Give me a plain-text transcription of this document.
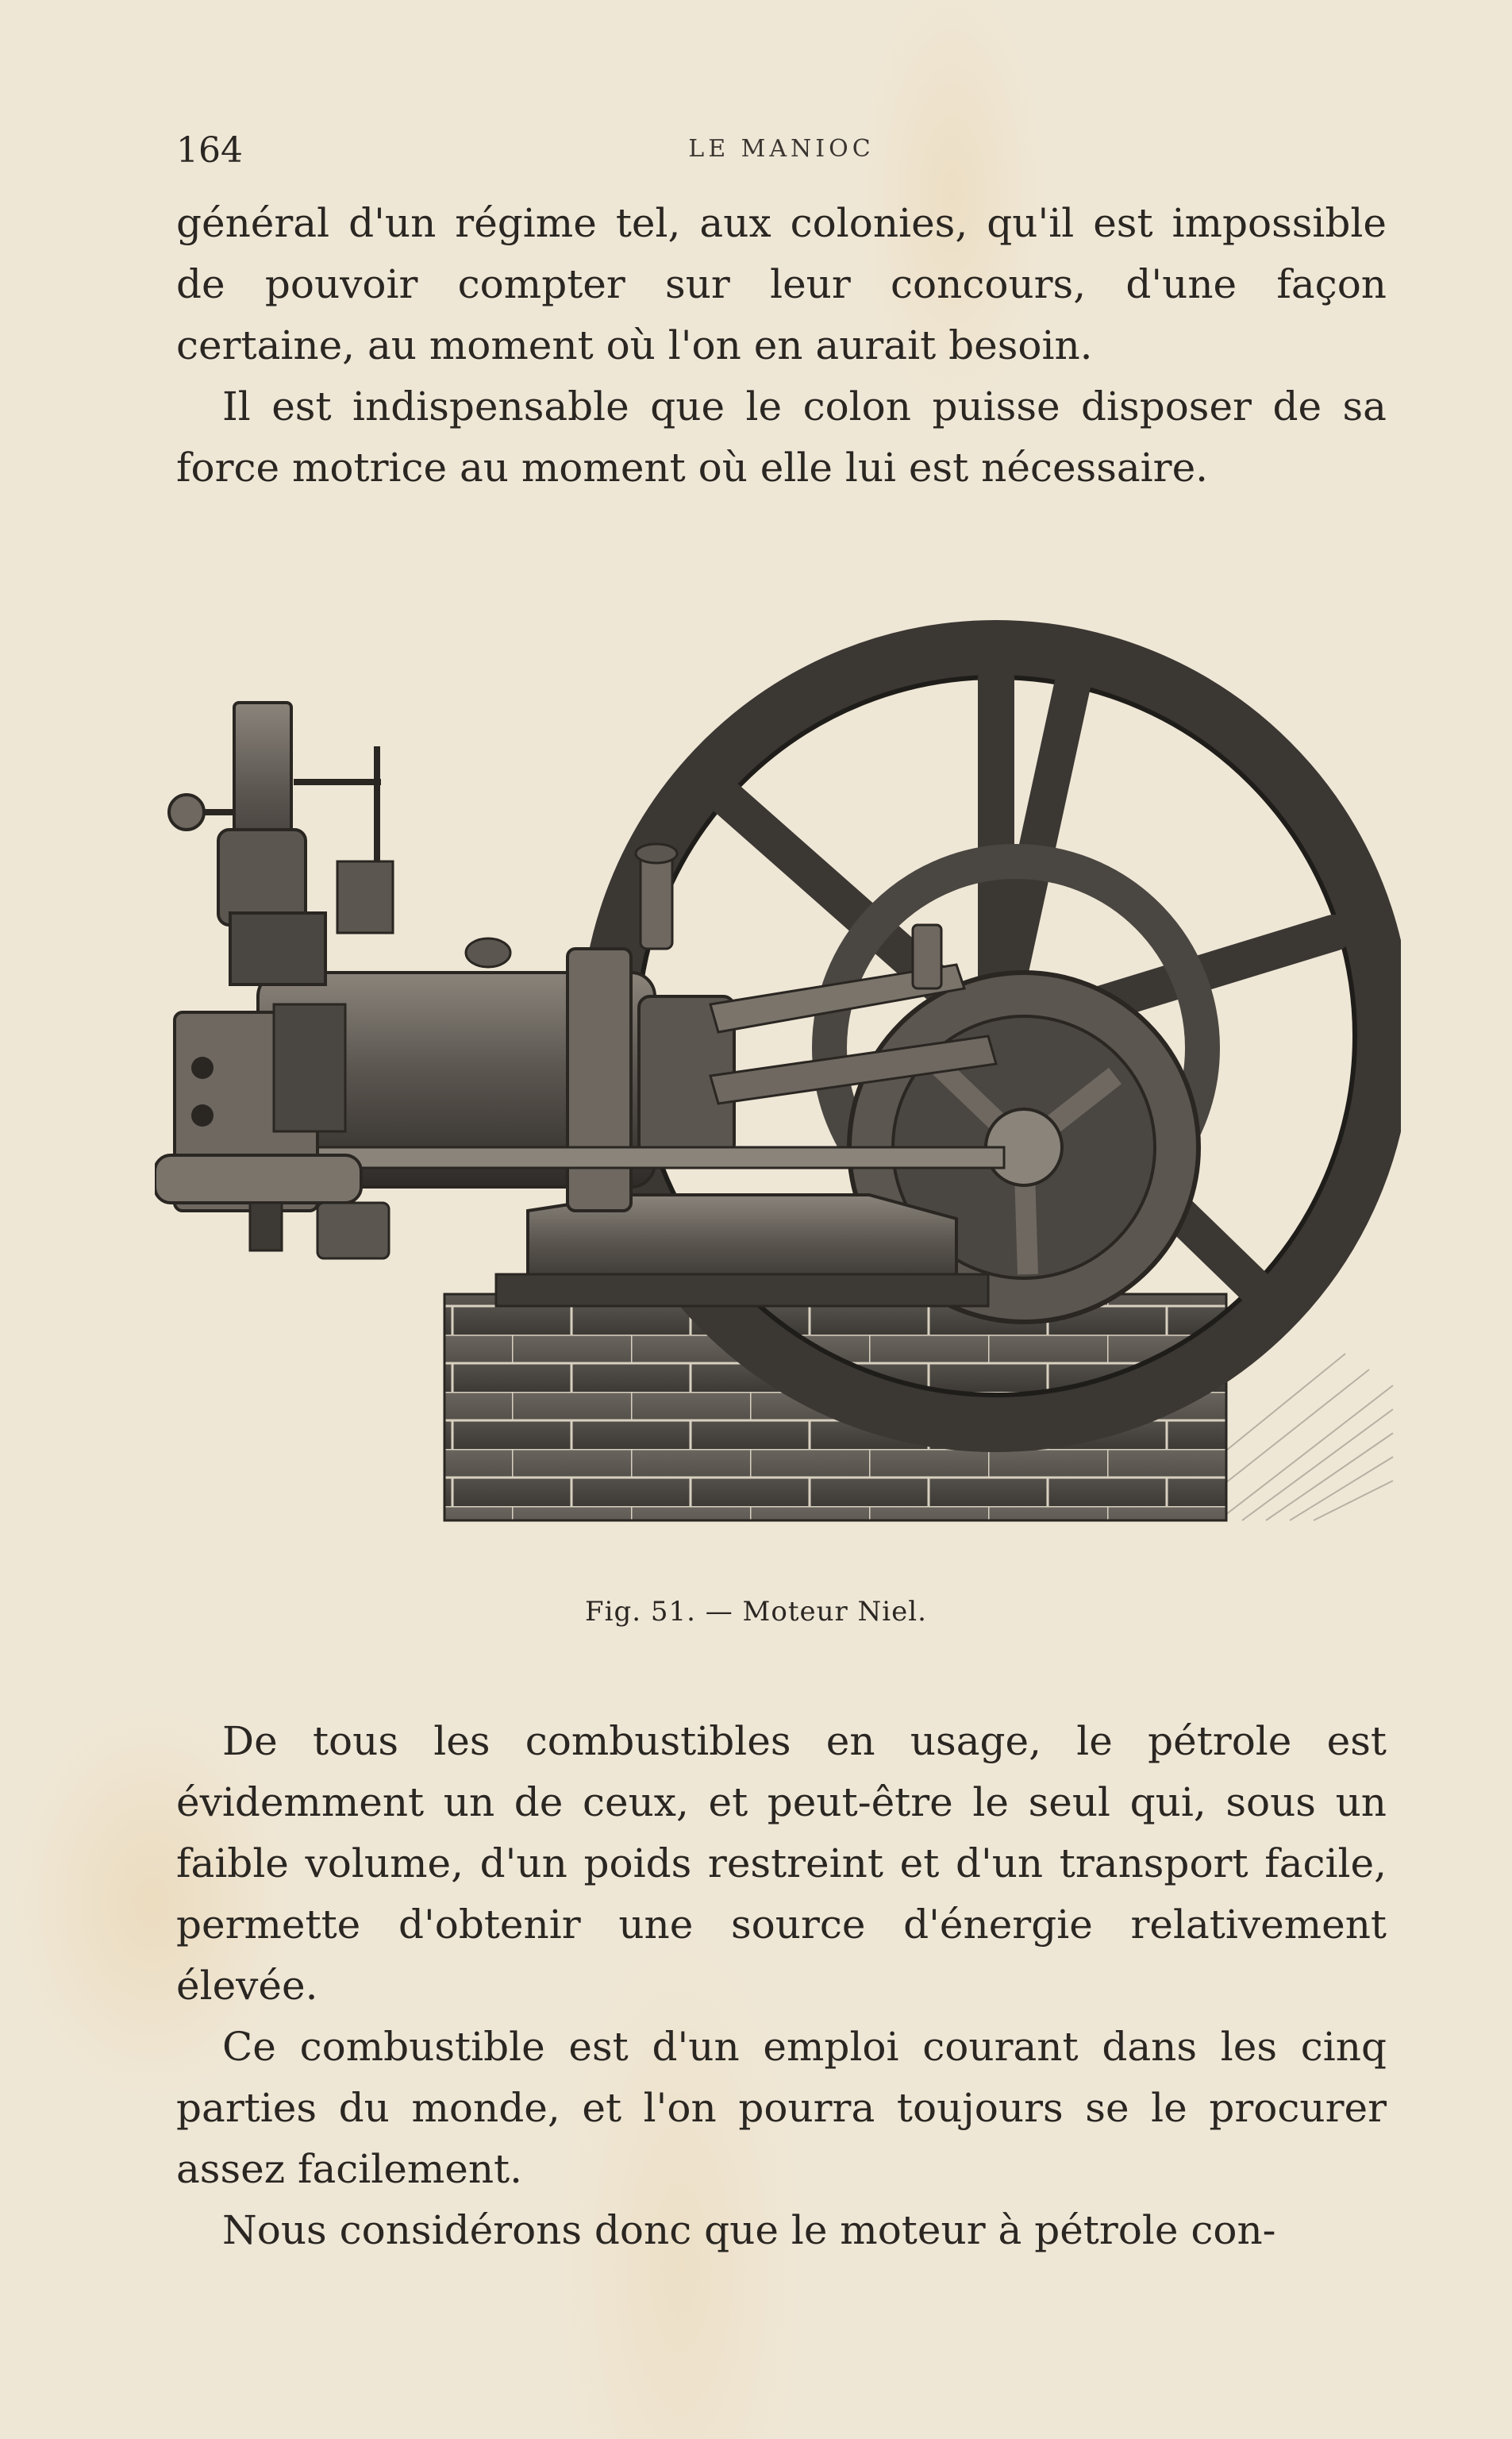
164	LE MANIOC

général d'un régime tel, aux colonies, qu'il est impossible de pouvoir compter sur leur concours, d'une façon certaine, au moment où l'on en aurait besoin.

Il est indispensable que le colon puisse disposer de sa force motrice au moment où elle lui est nécessaire.

Fig. 51. — Moteur Niel.

De tous les combustibles en usage, le pétrole est évidemment un de ceux, et peut-être le seul qui, sous un faible volume, d'un poids restreint et d'un transport facile, permette d'obtenir une source d'énergie relativement élevée.

Ce combustible est d'un emploi courant dans les cinq parties du monde, et l'on pourra toujours se le procurer assez facilement.

Nous considérons donc que le moteur à pétrole con-
